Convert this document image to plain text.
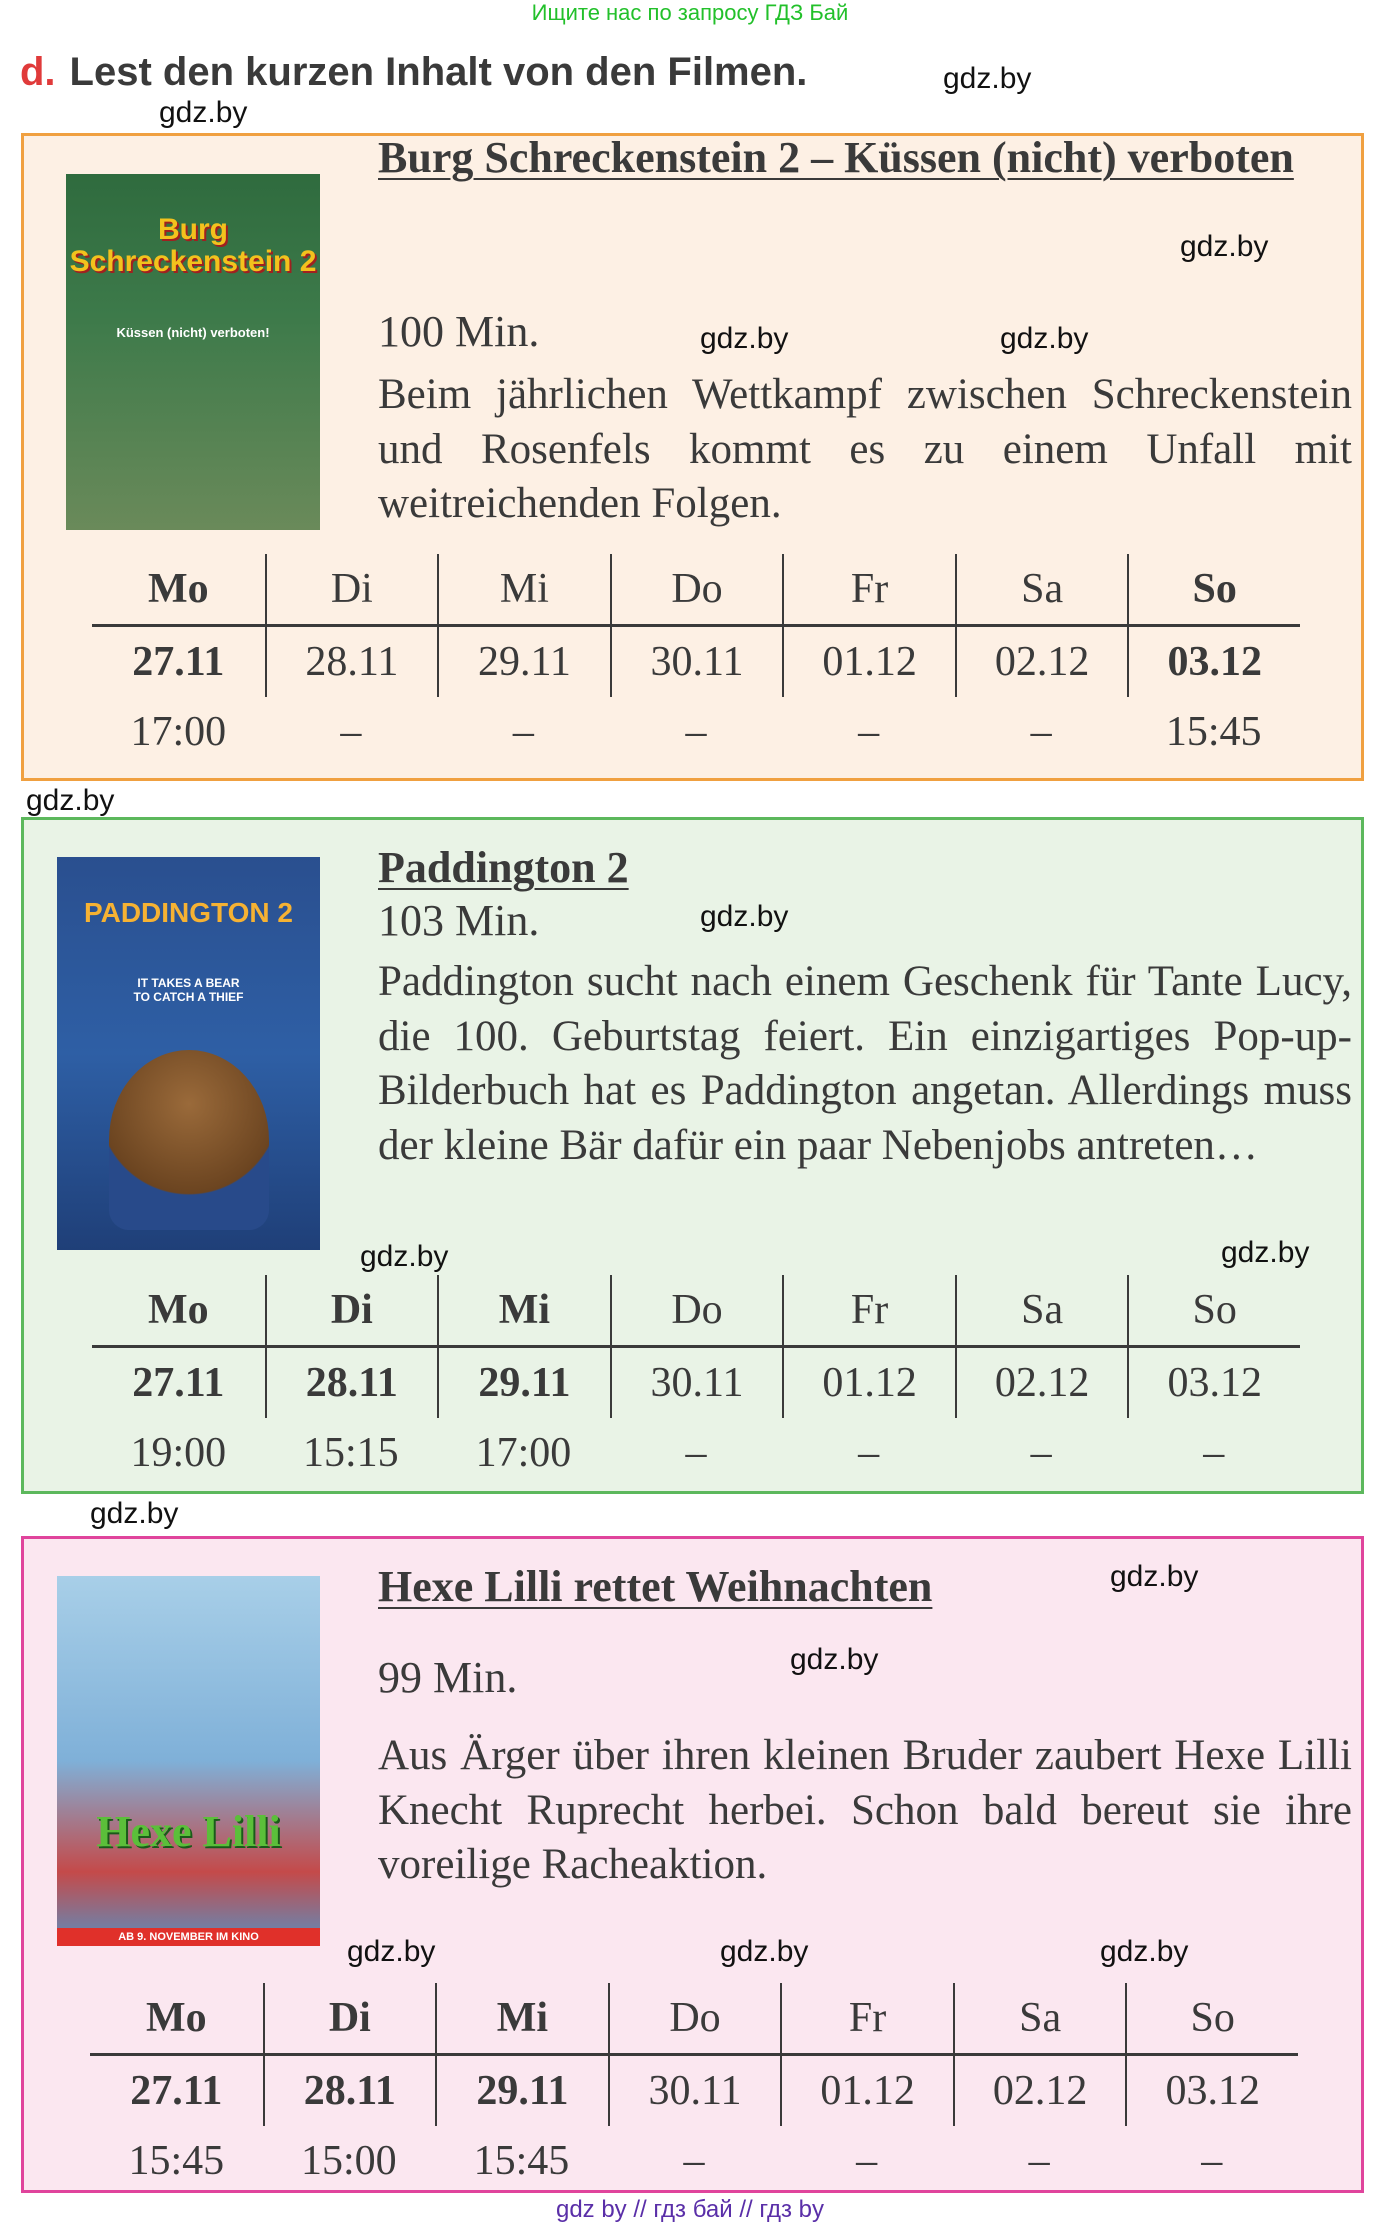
Ищите нас по запросу ГДЗ Бай
d. Lest den kurzen Inhalt von den Filmen.
Burg Schreckenstein 2
Küssen (nicht) verboten!
Burg Schreckenstein 2 – Küssen (nicht) verboten
100 Min.
Beim jährlichen Wettkampf zwischen Schreckenstein und Rosenfels kommt es zu einem Unfall mit weitreichenden Folgen.
Mo	Di	Mi	Do	Fr	Sa	So
27.11	28.11	29.11	30.11	01.12	02.12	03.12
17:00	–	–	–	–	–	15:45
PADDINGTON 2
IT TAKES A BEAR TO CATCH A THIEF
Paddington 2
103 Min.
Paddington sucht nach einem Geschenk für Tante Lucy, die 100. Geburtstag feiert. Ein einzigartiges Pop-up-Bilderbuch hat es Paddington angetan. Allerdings muss der kleine Bär dafür ein paar Nebenjobs antreten…
Mo	Di	Mi	Do	Fr	Sa	So
27.11	28.11	29.11	30.11	01.12	02.12	03.12
19:00	15:15	17:00	–	–	–	–
Hexe Lilli
AB 9. NOVEMBER IM KINO
Hexe Lilli rettet Weihnachten
99 Min.
Aus Ärger über ihren kleinen Bruder zaubert Hexe Lilli Knecht Ruprecht herbei. Schon bald bereut sie ihre voreilige Racheaktion.
Mo	Di	Mi	Do	Fr	Sa	So
27.11	28.11	29.11	30.11	01.12	02.12	03.12
15:45	15:00	15:45	–	–	–	–
gdz.by
gdz.by
gdz.by	gdz.by
gdz.by
gdz.by
gdz.by
gdz.by
gdz.by
gdz.by
gdz.by
gdz.by
gdz.by	gdz.by
gdz.by
gdz by // гдз бай // гдз by
